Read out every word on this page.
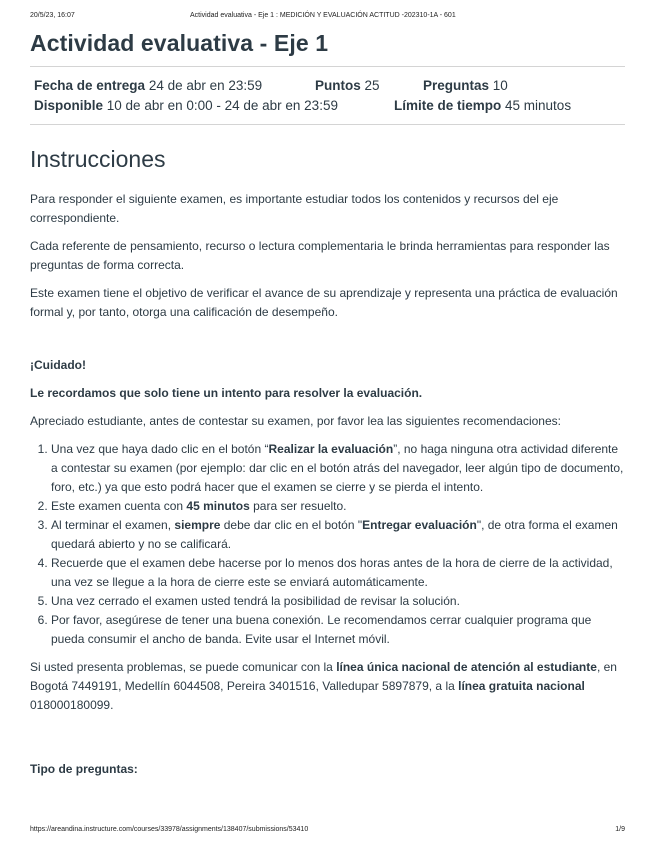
20/5/23, 16:07	Actividad evaluativa - Eje 1 : MEDICIÓN Y EVALUACIÓN ACTITUD -202310-1A - 601
Actividad evaluativa - Eje 1
Fecha de entrega 24 de abr en 23:59	Puntos 25	Preguntas 10
Disponible 10 de abr en 0:00 - 24 de abr en 23:59	Límite de tiempo 45 minutos
Instrucciones

Para responder el siguiente examen, es importante estudiar todos los contenidos y recursos del eje correspondiente.

Cada referente de pensamiento, recurso o lectura complementaria le brinda herramientas para responder las preguntas de forma correcta.

Este examen tiene el objetivo de verificar el avance de su aprendizaje y representa una práctica de evaluación formal y, por tanto, otorga una calificación de desempeño.

¡Cuidado!

Le recordamos que solo tiene un intento para resolver la evaluación.

Apreciado estudiante, antes de contestar su examen, por favor lea las siguientes recomendaciones:

1. Una vez que haya dado clic en el botón “Realizar la evaluación”, no haga ninguna otra actividad diferente a contestar su examen (por ejemplo: dar clic en el botón atrás del navegador, leer algún tipo de documento, foro, etc.) ya que esto podrá hacer que el examen se cierre y se pierda el intento.
2. Este examen cuenta con 45 minutos para ser resuelto.
3. Al terminar el examen, siempre debe dar clic en el botón "Entregar evaluación", de otra forma el examen quedará abierto y no se calificará.
4. Recuerde que el examen debe hacerse por lo menos dos horas antes de la hora de cierre de la actividad, una vez se llegue a la hora de cierre este se enviará automáticamente.
5. Una vez cerrado el examen usted tendrá la posibilidad de revisar la solución.
6. Por favor, asegúrese de tener una buena conexión. Le recomendamos cerrar cualquier programa que pueda consumir el ancho de banda. Evite usar el Internet móvil.

Si usted presenta problemas, se puede comunicar con la línea única nacional de atención al estudiante, en Bogotá 7449191, Medellín 6044508, Pereira 3401516, Valledupar 5897879, a la línea gratuita nacional 018000180099.

Tipo de preguntas:

https://areandina.instructure.com/courses/33978/assignments/138407/submissions/53410	1/9
